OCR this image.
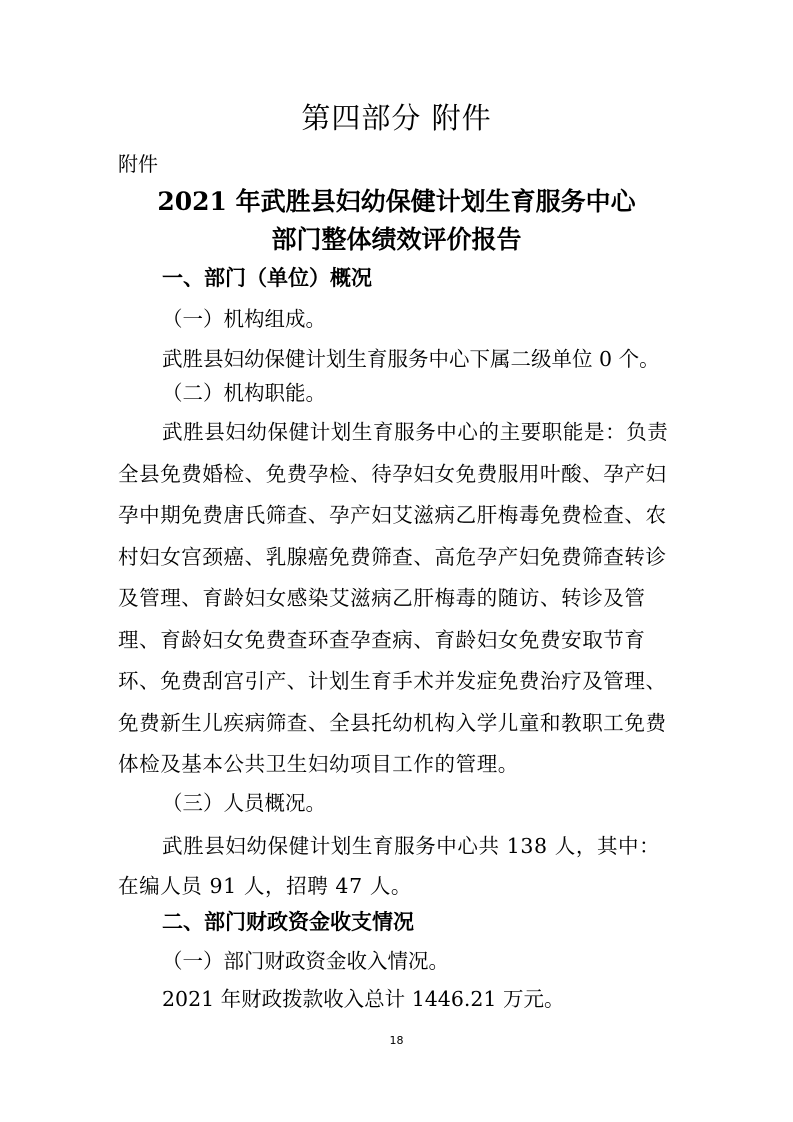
第四部分 附件
附件
2021 年武胜县妇幼保健计划生育服务中心
部门整体绩效评价报告
一、部门（单位）概况
（一）机构组成。
武胜县妇幼保健计划生育服务中心下属二级单位 0 个。
（二）机构职能。
武胜县妇幼保健计划生育服务中心的主要职能是：负责全县免费婚检、免费孕检、待孕妇女免费服用叶酸、孕产妇孕中期免费唐氏筛查、孕产妇艾滋病乙肝梅毒免费检查、农村妇女宫颈癌、乳腺癌免费筛查、高危孕产妇免费筛查转诊及管理、育龄妇女感染艾滋病乙肝梅毒的随访、转诊及管理、育龄妇女免费查环查孕查病、育龄妇女免费安取节育环、免费刮宫引产、计划生育手术并发症免费治疗及管理、免费新生儿疾病筛查、全县托幼机构入学儿童和教职工免费体检及基本公共卫生妇幼项目工作的管理。
（三）人员概况。
武胜县妇幼保健计划生育服务中心共 138 人，其中：在编人员 91 人，招聘 47 人。
二、部门财政资金收支情况
（一）部门财政资金收入情况。
2021 年财政拨款收入总计 1446.21 万元。
18
